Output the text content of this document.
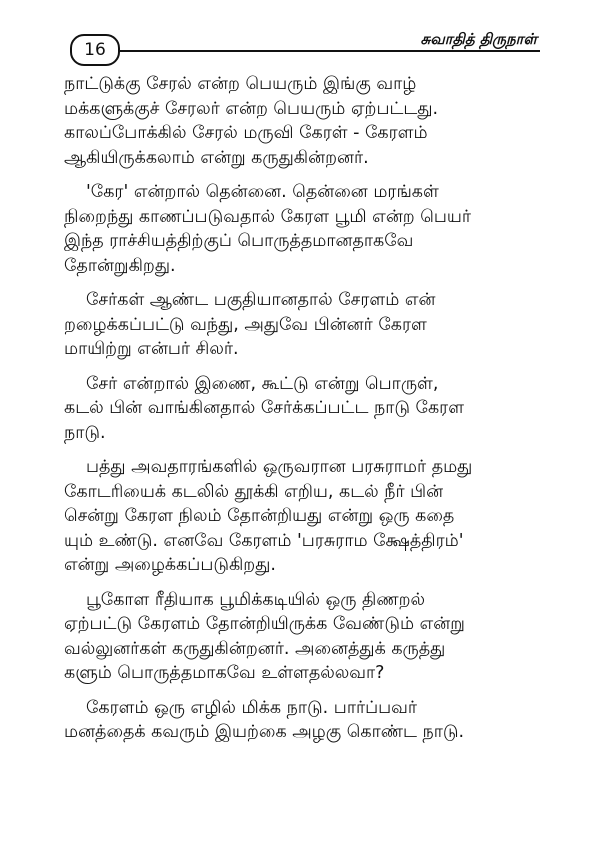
16
சுவாதித் திருநாள்

நாட்டுக்கு சேரல் என்ற பெயரும் இங்கு வாழ்
மக்களுக்குச் சேரலர் என்ற பெயரும் ஏற்பட்டது.
காலப்போக்கில் சேரல் மருவி கேரள் - கேரளம்
ஆகியிருக்கலாம் என்று கருதுகின்றனர்.

'கேர' என்றால் தென்னை. தென்னை மரங்கள்
நிறைந்து காணப்படுவதால் கேரள பூமி என்ற பெயர்
இந்த ராச்சியத்திற்குப் பொருத்தமானதாகவே
தோன்றுகிறது.

சேர்கள் ஆண்ட பகுதியானதால் சேரளம் என்
றழைக்கப்பட்டு வந்து, அதுவே பின்னர் கேரள
மாயிற்று என்பர் சிலர்.

சேர் என்றால் இணை, கூட்டு என்று பொருள்,
கடல் பின் வாங்கினதால் சேர்க்கப்பட்ட நாடு கேரள
நாடு.

பத்து அவதாரங்களில் ஒருவரான பரசுராமர் தமது
கோடரியைக் கடலில் தூக்கி எறிய, கடல் நீர் பின்
சென்று கேரள நிலம் தோன்றியது என்று ஒரு கதை
யும் உண்டு. எனவே கேரளம் 'பரசுராம க்ஷேத்திரம்'
என்று அழைக்கப்படுகிறது.

பூகோள ரீதியாக பூமிக்கடியில் ஒரு திணறல்
ஏற்பட்டு கேரளம் தோன்றியிருக்க வேண்டும் என்று
வல்லுனர்கள் கருதுகின்றனர். அனைத்துக் கருத்து
களும் பொருத்தமாகவே உள்ளதல்லவா?

கேரளம் ஒரு எழில் மிக்க நாடு. பார்ப்பவர்
மனத்தைக் கவரும் இயற்கை அழகு கொண்ட நாடு.
